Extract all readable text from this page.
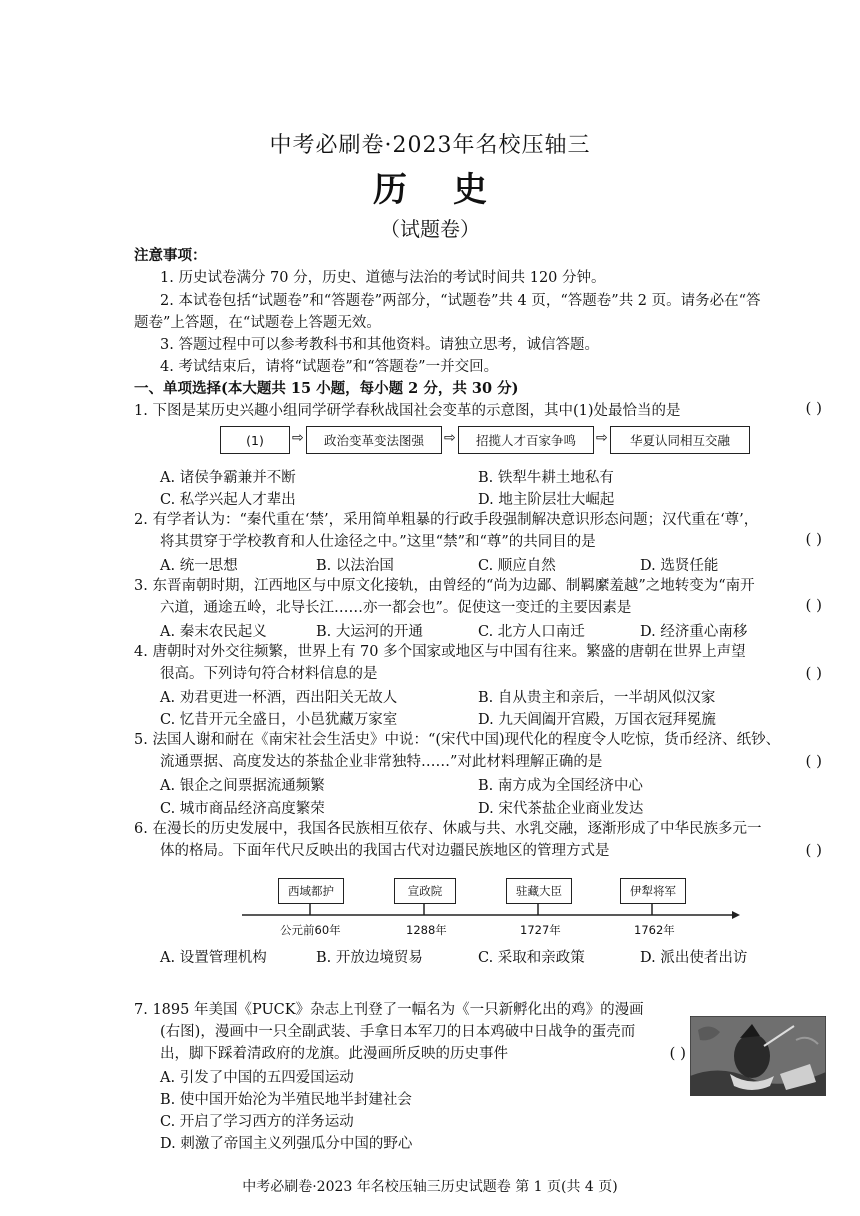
中考必刷卷·2023年名校压轴三
历史
（试题卷）
注意事项：
1. 历史试卷满分 70 分，历史、道德与法治的考试时间共 120 分钟。
2. 本试卷包括“试题卷”和“答题卷”两部分，“试题卷”共 4 页，“答题卷”共 2 页。请务必在“答
题卷”上答题，在“试题卷上答题无效。
3. 答题过程中可以参考教科书和其他资料。请独立思考，诚信答题。
4. 考试结束后，请将“试题卷”和“答题卷”一并交回。
一、单项选择(本大题共 15 小题，每小题 2 分，共 30 分)
1. 下图是某历史兴趣小组同学研学春秋战国社会变革的示意图，其中(1)处最恰当的是	( )
(1)	⇨	政治变革变法图强	⇨	招揽人才百家争鸣	⇨	华夏认同相互交融
A. 诸侯争霸兼并不断	B. 铁犁牛耕土地私有
C. 私学兴起人才辈出	D. 地主阶层壮大崛起
2. 有学者认为：“秦代重在‘禁’，采用简单粗暴的行政手段强制解决意识形态问题；汉代重在‘尊’，
将其贯穿于学校教育和人仕途径之中。”这里“禁”和“尊”的共同目的是	( )
A. 统一思想	B. 以法治国	C. 顺应自然	D. 选贤任能
3. 东晋南朝时期，江西地区与中原文化接轨，由曾经的“尚为边鄙、制羁縻羞越”之地转变为“南开
六道，通途五岭，北导长江……亦一都会也”。促使这一变迁的主要因素是	( )
A. 秦末农民起义	B. 大运河的开通	C. 北方人口南迁	D. 经济重心南移
4. 唐朝时对外交往频繁，世界上有 70 多个国家或地区与中国有往来。繁盛的唐朝在世界上声望
很高。下列诗句符合材料信息的是	( )
A. 劝君更进一杯酒，西出阳关无故人	B. 自从贵主和亲后，一半胡风似汉家
C. 忆昔开元全盛日，小邑犹藏万家室	D. 九天阊阖开宫殿，万国衣冠拜冕旒
5. 法国人谢和耐在《南宋社会生活史》中说：“(宋代中国)现代化的程度令人吃惊，货币经济、纸钞、
流通票据、高度发达的茶盐企业非常独特……”对此材料理解正确的是	( )
A. 银企之间票据流通频繁	B. 南方成为全国经济中心
C. 城市商品经济高度繁荣	D. 宋代茶盐企业商业发达
6. 在漫长的历史发展中，我国各民族相互依存、休戚与共、水乳交融，逐渐形成了中华民族多元一
体的格局。下面年代尺反映出的我国古代对边疆民族地区的管理方式是	( )
西域都护	宣政院	驻藏大臣	伊犁将军
公元前60年	1288年	1727年	1762年
A. 设置管理机构	B. 开放边境贸易	C. 采取和亲政策	D. 派出使者出访
7. 1895 年美国《PUCK》杂志上刊登了一幅名为《一只新孵化出的鸡》的漫画
(右图)，漫画中一只全副武装、手拿日本军刀的日本鸡破中日战争的蛋壳而
出，脚下踩着清政府的龙旗。此漫画所反映的历史事件	( )
A. 引发了中国的五四爱国运动
B. 使中国开始沦为半殖民地半封建社会
C. 开启了学习西方的洋务运动
D. 刺激了帝国主义列强瓜分中国的野心
中考必刷卷·2023 年名校压轴三历史试题卷 第 1 页(共 4 页)
